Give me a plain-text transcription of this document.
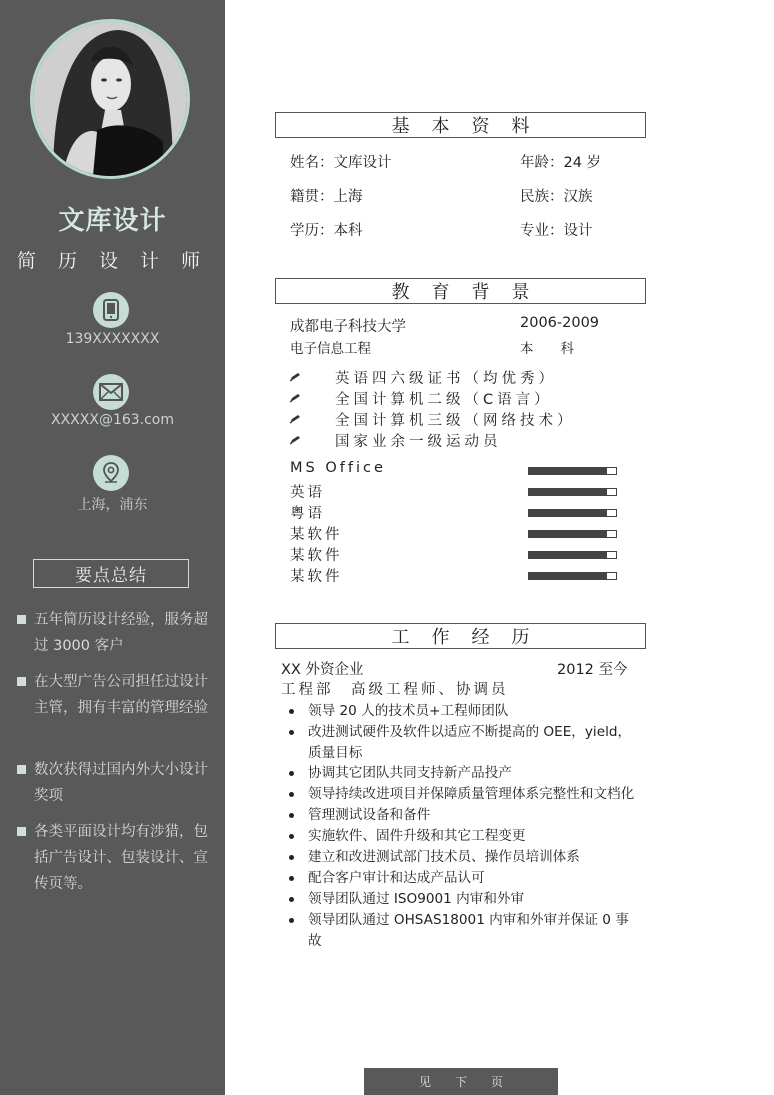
文库设计
简 历 设 计 师
139XXXXXXX
XXXXX@163.com
上海，浦东
要点总结
五年简历设计经验，服务超过 3000 客户
在大型广告公司担任过设计主管，拥有丰富的管理经验
数次获得过国内外大小设计奖项
各类平面设计均有涉猎，包括广告设计、包装设计、宣传页等。
基本资料
姓名：文库设计	年龄：24 岁
籍贯：上海	民族：汉族
学历：本科	专业：设计
教育背景
成都电子科技大学	2006-2009
电子信息工程	本　　科
英语四六级证书（均优秀）
全国计算机二级（C语言）
全国计算机三级（网络技术）
国家业余一级运动员
MS Office
英语
粤语
某软件
某软件
某软件
工作经历
XX 外资企业	2012 至今
工程部　高级工程师、协调员
领导 20 人的技术员+工程师团队
改进测试硬件及软件以适应不断提高的 OEE，yield，质量目标
协调其它团队共同支持新产品投产
领导持续改进项目并保障质量管理体系完整性和文档化
管理测试设备和备件
实施软件、固件升级和其它工程变更
建立和改进测试部门技术员、操作员培训体系
配合客户审计和达成产品认可
领导团队通过 ISO9001 内审和外审
领导团队通过 OHSAS18001 内审和外审并保证 0 事故
见下页
